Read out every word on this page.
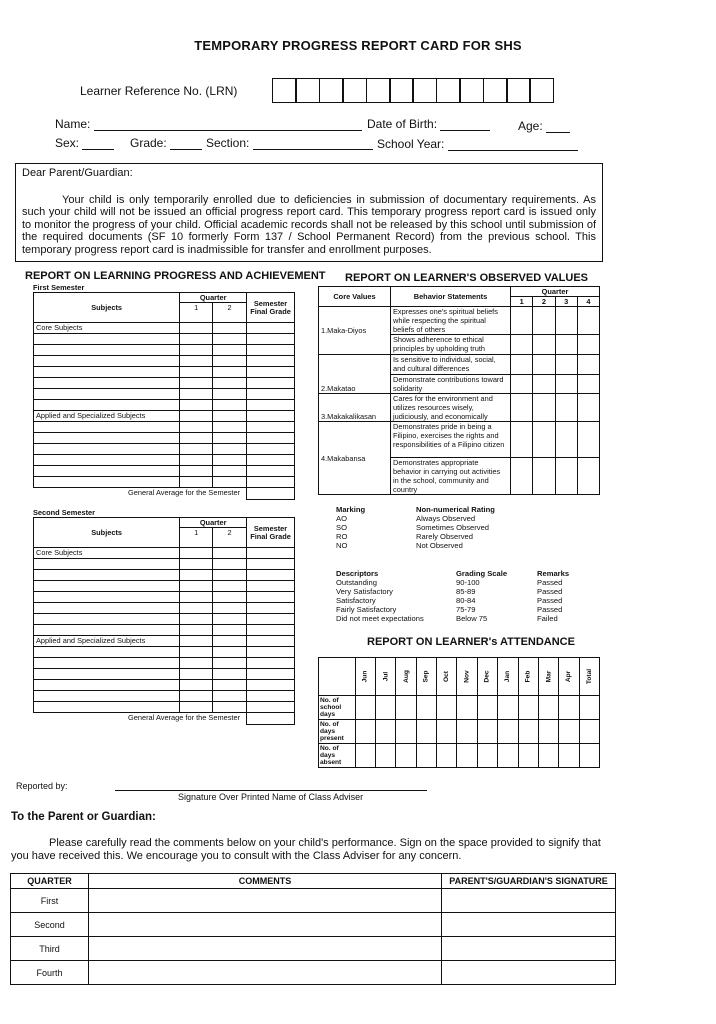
TEMPORARY PROGRESS REPORT CARD FOR SHS
Learner Reference No. (LRN)
Name:	Date of Birth:	Age:
Sex:	Grade:	Section:	School Year:
Dear Parent/Guardian:
Your child is only temporarily enrolled due to deficiencies in submission of documentary requirements. As such your child will not be issued an official progress report card. This temporary progress report card is issued only to monitor the progress of your child. Official academic records shall not be released by this school until submission of the required documents (SF 10 formerly Form 137 / School Permanent Record) from the previous school. This temporary progress report card is inadmissible for transfer and enrollment purposes.
REPORT ON LEARNING PROGRESS AND ACHIEVEMENT
First Semester
Subjects	Quarter		Semester Final Grade
	1	2	
Core Subjects			

Applied and Specialized Subjects			

General Average for the Semester			
Second Semester
Subjects	Quarter		Semester Final Grade
	1	2	
Core Subjects			

Applied and Specialized Subjects			

General Average for the Semester			
REPORT ON LEARNER'S OBSERVED VALUES
Core Values	Behavior Statements	Quarter			
		1	2	3	4
1.Maka-Diyos	Expresses one's spiritual beliefs while respecting the spiritual beliefs of others				
	Shows adherence to ethical principles by upholding truth				
2.Makatao	Is sensitive to individual, social, and cultural differences				
	Demonstrate contributions toward solidarity				
3.Makakalikasan	Cares for the environment and utilizes resources wisely, judiciously, and economically				
4.Makabansa	Demonstrates pride in being a Filipino, exercises the rights and responsibilities of a Filipino citizen				
	Demonstrates appropriate behavior in carrying out activities in the school, community and country				
Marking	Non-numerical Rating
AO	Always Observed
SO	Sometimes Observed
RO	Rarely Observed
NO	Not Observed
Descriptors	Grading Scale	Remarks
Outstanding	90-100	Passed
Very Satisfactory	85-89	Passed
Satisfactory	80-84	Passed
Fairly Satisfactory	75-79	Passed
Did not meet expectations	Below 75	Failed
REPORT ON LEARNER's ATTENDANCE
	Jun	Jul	Aug	Sep	Oct	Nov	Dec	Jan	Feb	Mar	Apr	Total
No. of school days												
No. of days present												
No. of days absent												
Reported by:
Signature Over Printed Name of Class Adviser
To the Parent or Guardian:
Please carefully read the comments below on your child's performance. Sign on the space provided to signify that you have received this. We encourage you to consult with the Class Adviser for any concern.
QUARTER	COMMENTS	PARENT'S/GUARDIAN'S SIGNATURE
First		
Second		
Third		
Fourth		
